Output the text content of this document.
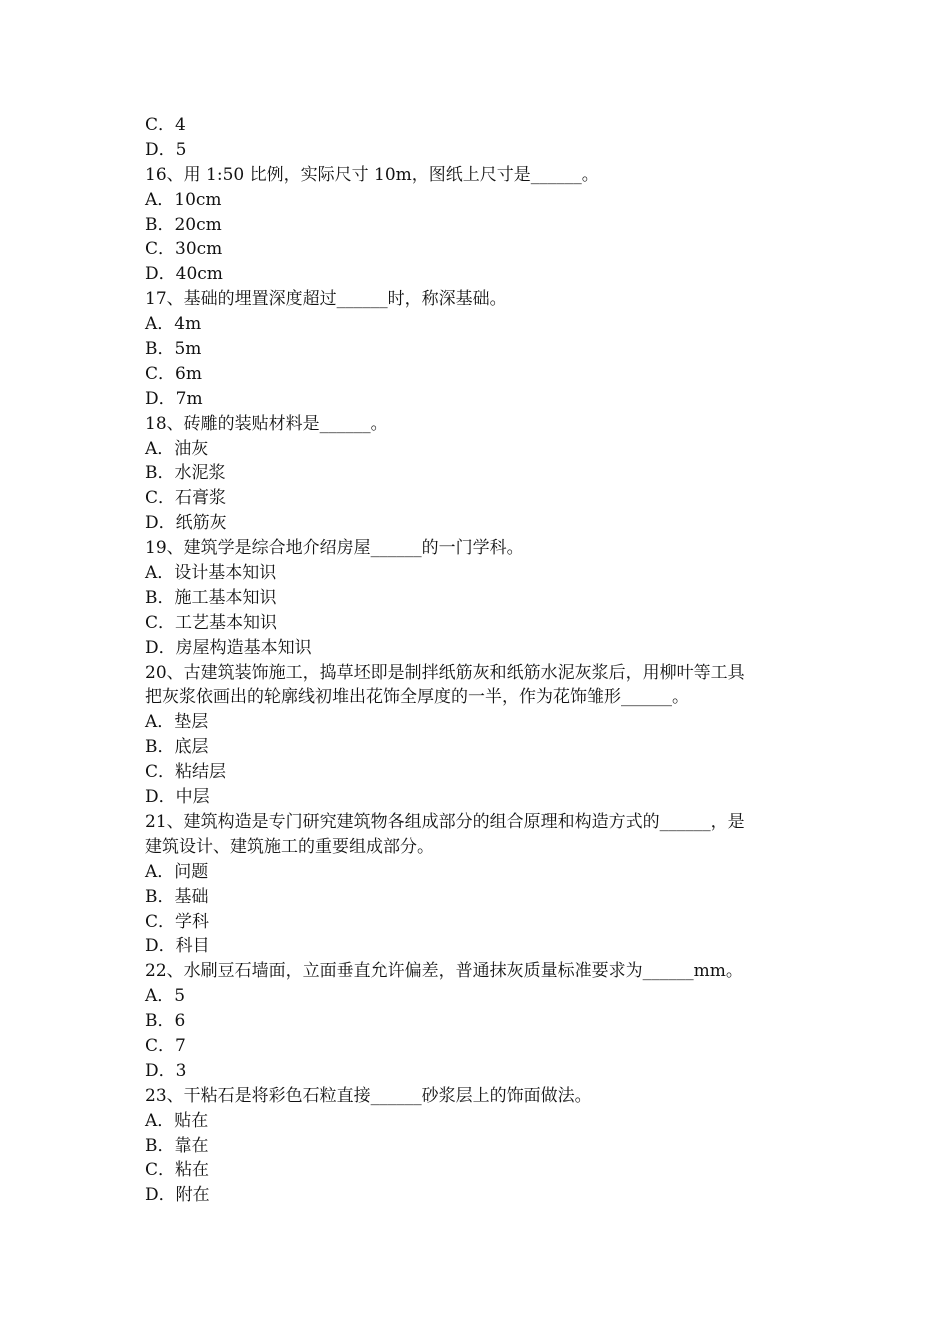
C．4
D．5
16、用 1:50 比例，实际尺寸 10m，图纸上尺寸是______。
A．10cm
B．20cm
C．30cm
D．40cm
17、基础的埋置深度超过______时，称深基础。
A．4m
B．5m
C．6m
D．7m
18、砖雕的装贴材料是______。
A．油灰
B．水泥浆
C．石膏浆
D．纸筋灰
19、建筑学是综合地介绍房屋______的一门学科。
A．设计基本知识
B．施工基本知识
C．工艺基本知识
D．房屋构造基本知识
20、古建筑装饰施工，捣草坯即是制拌纸筋灰和纸筋水泥灰浆后，用柳叶等工具
把灰浆依画出的轮廓线初堆出花饰全厚度的一半，作为花饰雏形______。
A．垫层
B．底层
C．粘结层
D．中层
21、建筑构造是专门研究建筑物各组成部分的组合原理和构造方式的______，是
建筑设计、建筑施工的重要组成部分。
A．问题
B．基础
C．学科
D．科目
22、水刷豆石墙面，立面垂直允许偏差，普通抹灰质量标准要求为______mm。
A．5
B．6
C．7
D．3
23、干粘石是将彩色石粒直接______砂浆层上的饰面做法。
A．贴在
B．靠在
C．粘在
D．附在
